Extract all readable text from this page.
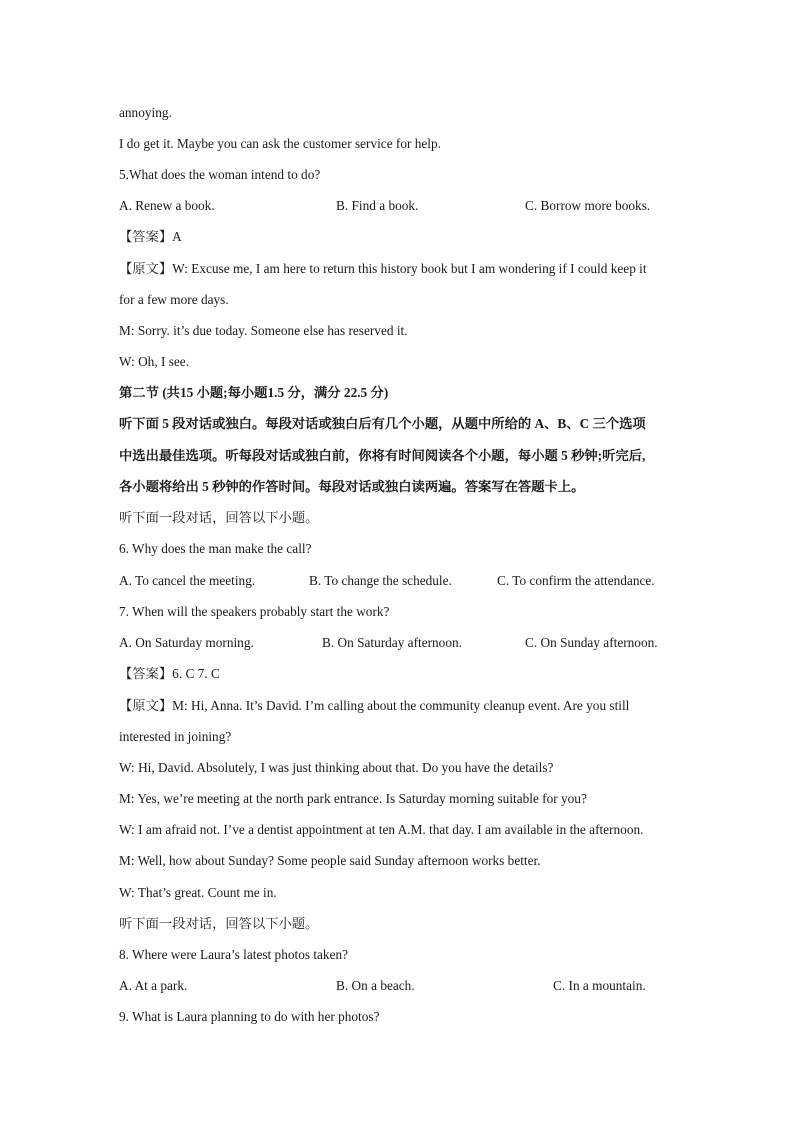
annoying.
I do get it. Maybe you can ask the customer service for help.
5.What does the woman intend to do?
A. Renew a book.	B. Find a book.	C. Borrow more books.
【答案】A
【原文】W: Excuse me, I am here to return this history book but I am wondering if I could keep it
for a few more days.
M: Sorry. it’s due today. Someone else has reserved it.
W: Oh, I see.
第二节 (共15 小题;每小题1.5 分，满分 22.5 分)
听下面 5 段对话或独白。每段对话或独白后有几个小题，从题中所给的 A、B、C 三个选项
中选出最佳选项。听每段对话或独白前，你将有时间阅读各个小题，每小题 5 秒钟;听完后,
各小题将给出 5 秒钟的作答时间。每段对话或独白读两遍。答案写在答题卡上。
听下面一段对话，回答以下小题。
6. Why does the man make the call?
A. To cancel the meeting.	B. To change the schedule.	C. To confirm the attendance.
7. When will the speakers probably start the work?
A. On Saturday morning.	B. On Saturday afternoon.	C. On Sunday afternoon.
【答案】6. C 7. C
【原文】M: Hi, Anna. It’s David. I’m calling about the community cleanup event. Are you still
interested in joining?
W: Hi, David. Absolutely, I was just thinking about that. Do you have the details?
M: Yes, we’re meeting at the north park entrance. Is Saturday morning suitable for you?
W: I am afraid not. I’ve a dentist appointment at ten A.M. that day. I am available in the afternoon.
M: Well, how about Sunday? Some people said Sunday afternoon works better.
W: That’s great. Count me in.
听下面一段对话，回答以下小题。
8. Where were Laura’s latest photos taken?
A. At a park.	B. On a beach.	C. In a mountain.
9. What is Laura planning to do with her photos?
